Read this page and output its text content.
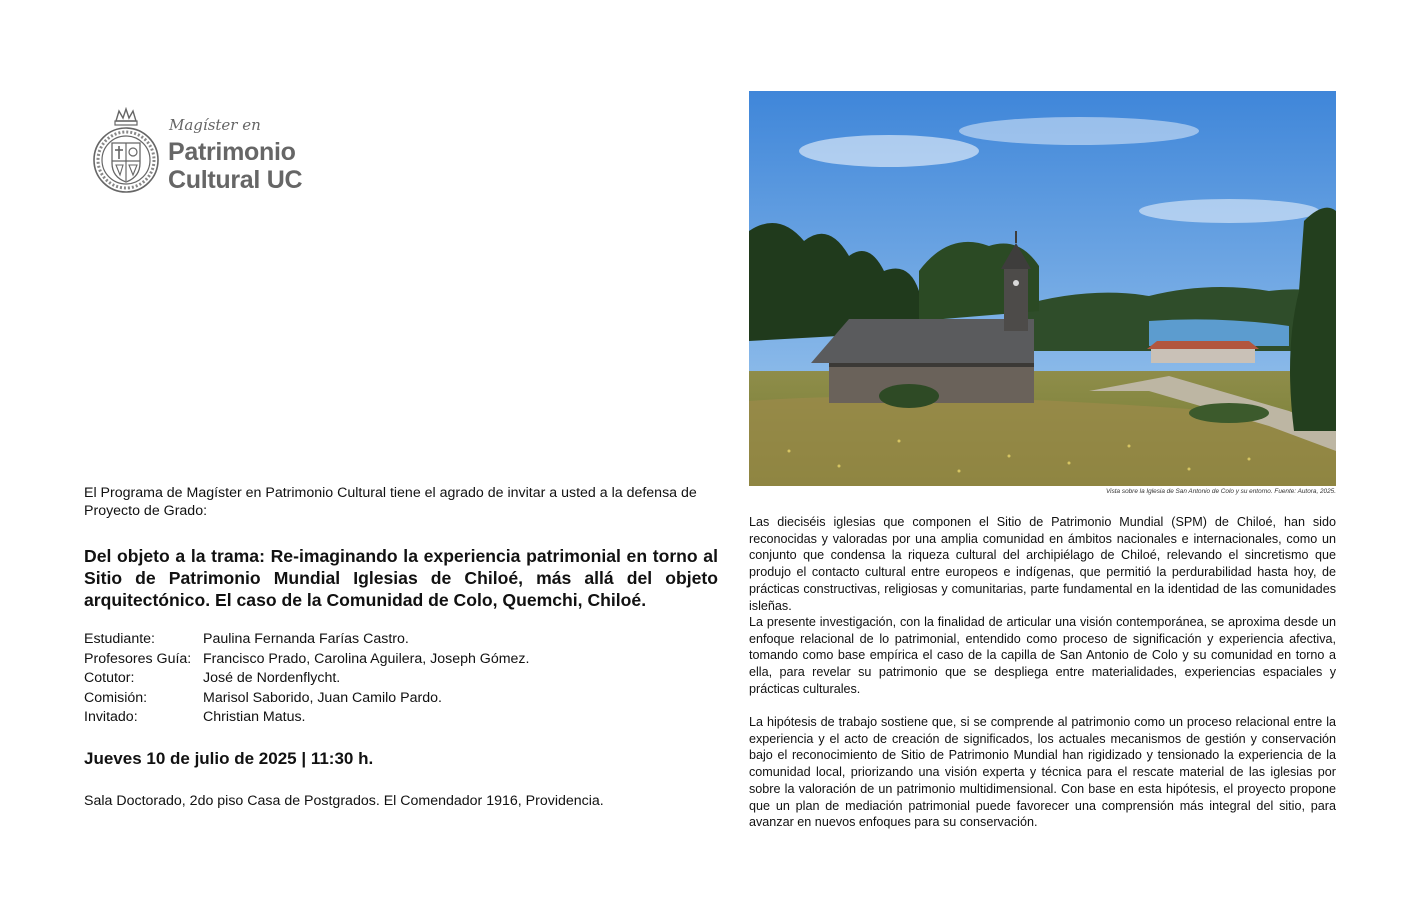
Magíster en
Patrimonio
Cultural UC
El Programa de Magíster en Patrimonio Cultural tiene el agrado de invitar a usted a la defensa de Proyecto de Grado:
Del objeto a la trama: Re-imaginando la experiencia patrimonial en torno al Sitio de Patrimonio Mundial Iglesias de Chiloé, más allá del objeto arquitectónico. El caso de la Comunidad de Colo, Quemchi, Chiloé.
Estudiante:	Paulina Fernanda Farías Castro.
Profesores Guía: Francisco Prado, Carolina Aguilera, Joseph Gómez.
Cotutor:	José de Nordenflycht.
Comisión:	Marisol Saborido, Juan Camilo Pardo.
Invitado:	Christian Matus.
Jueves 10 de julio de 2025 | 11:30 h.
Sala Doctorado, 2do piso Casa de Postgrados. El Comendador 1916, Providencia.
Vista sobre la Iglesia de San Antonio de Colo y su entorno. Fuente: Autora, 2025.
Las dieciséis iglesias que componen el Sitio de Patrimonio Mundial (SPM) de Chiloé, han sido reconocidas y valoradas por una amplia comunidad en ámbitos nacionales e internacionales, como un conjunto que condensa la riqueza cultural del archipiélago de Chiloé, relevando el sincretismo que produjo el contacto cultural entre europeos e indígenas, que permitió la perdurabilidad hasta hoy, de prácticas constructivas, religiosas y comunitarias, parte fundamental en la identidad de las comunidades isleñas.
La presente investigación, con la finalidad de articular una visión contemporánea, se aproxima desde un enfoque relacional de lo patrimonial, entendido como proceso de significación y experiencia afectiva, tomando como base empírica el caso de la capilla de San Antonio de Colo y su comunidad en torno a ella, para revelar su patrimonio que se despliega entre materialidades, experiencias espaciales y prácticas culturales.
La hipótesis de trabajo sostiene que, si se comprende al patrimonio como un proceso relacional entre la experiencia y el acto de creación de significados, los actuales mecanismos de gestión y conservación bajo el reconocimiento de Sitio de Patrimonio Mundial han rigidizado y tensionado la experiencia de la comunidad local, priorizando una visión experta y técnica para el rescate material de las iglesias por sobre la valoración de un patrimonio multidimensional. Con base en esta hipótesis, el proyecto propone que un plan de mediación patrimonial puede favorecer una comprensión más integral del sitio, para avanzar en nuevos enfoques para su conservación.
